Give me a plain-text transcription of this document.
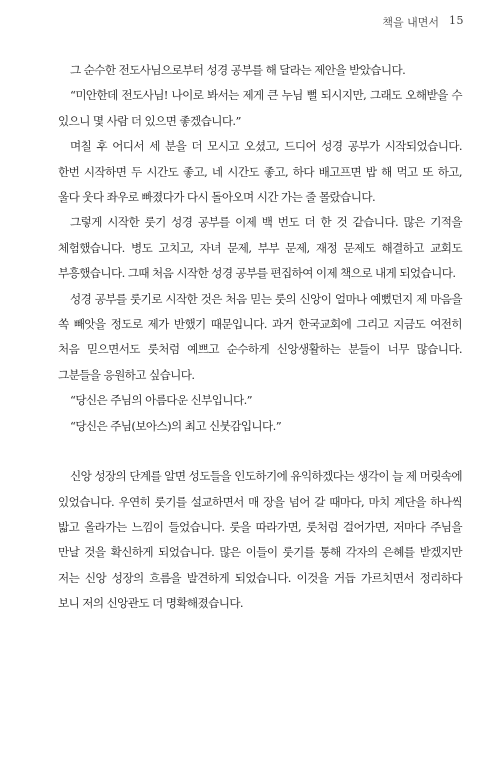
책을 내면서 15

그 순수한 전도사님으로부터 성경 공부를 해 달라는 제안을 받았습니다.

“미안한데 전도사님! 나이로 봐서는 제게 큰 누님 뻘 되시지만, 그래도 오해받을 수 있으니 몇 사람 더 있으면 좋겠습니다.”

며칠 후 어디서 세 분을 더 모시고 오셨고, 드디어 성경 공부가 시작되었습니다. 한번 시작하면 두 시간도 좋고, 네 시간도 좋고, 하다 배고프면 밥 해 먹고 또 하고, 울다 웃다 좌우로 빠졌다가 다시 돌아오며 시간 가는 줄 몰랐습니다.

그렇게 시작한 룻기 성경 공부를 이제 백 번도 더 한 것 같습니다. 많은 기적을 체험했습니다. 병도 고치고, 자녀 문제, 부부 문제, 재정 문제도 해결하고 교회도 부흥했습니다. 그때 처음 시작한 성경 공부를 편집하여 이제 책으로 내게 되었습니다.

성경 공부를 룻기로 시작한 것은 처음 믿는 룻의 신앙이 얼마나 예뻤던지 제 마음을 쏙 빼앗을 정도로 제가 반했기 때문입니다. 과거 한국교회에 그리고 지금도 여전히 처음 믿으면서도 룻처럼 예쁘고 순수하게 신앙생활하는 분들이 너무 많습니다. 그분들을 응원하고 싶습니다.

“당신은 주님의 아름다운 신부입니다.”

“당신은 주님(보아스)의 최고 신붓감입니다.”

신앙 성장의 단계를 알면 성도들을 인도하기에 유익하겠다는 생각이 늘 제 머릿속에 있었습니다. 우연히 룻기를 설교하면서 매 장을 넘어 갈 때마다, 마치 계단을 하나씩 밟고 올라가는 느낌이 들었습니다. 룻을 따라가면, 룻처럼 걸어가면, 저마다 주님을 만날 것을 확신하게 되었습니다. 많은 이들이 룻기를 통해 각자의 은혜를 받겠지만 저는 신앙 성장의 흐름을 발견하게 되었습니다. 이것을 거듭 가르치면서 정리하다 보니 저의 신앙관도 더 명확해졌습니다.
